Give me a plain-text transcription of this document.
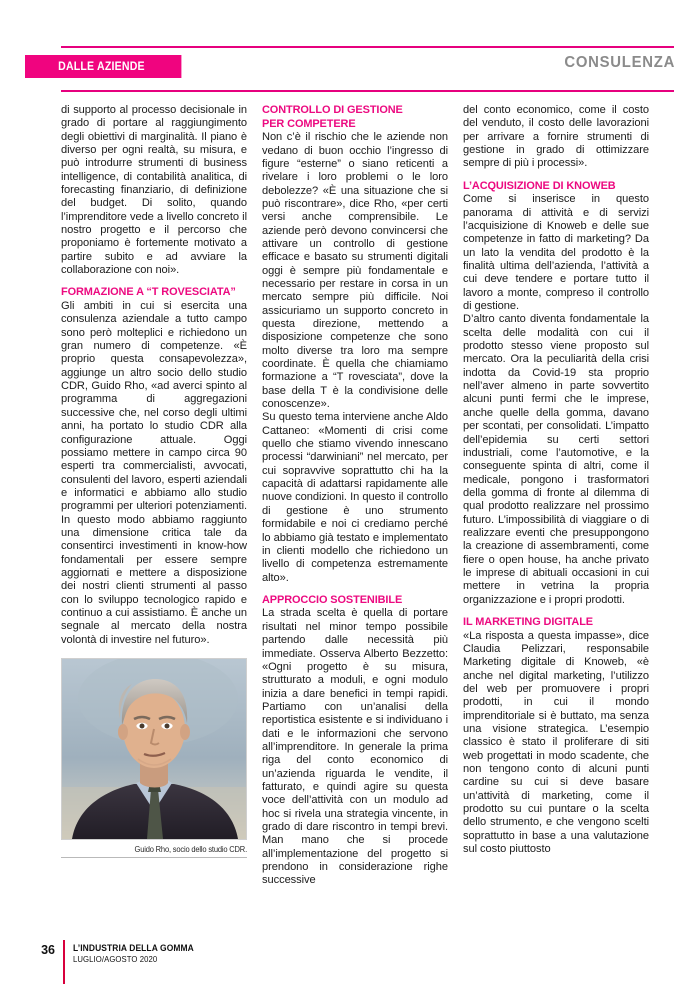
DALLE AZIENDE	CONSULENZA

di supporto al processo decisionale in grado di portare al raggiungimento degli obiettivi di marginalità. Il piano è diverso per ogni realtà, su misura, e può introdurre strumenti di business intelligence, di contabilità analitica, di forecasting finanziario, di definizione del budget. Di solito, quando l’imprenditore vede a livello concreto il nostro progetto e il percorso che proponiamo è fortemente motivato a partire subito e ad avviare la collaborazione con noi».

FORMAZIONE A “T ROVESCIATA”

Gli ambiti in cui si esercita una consulenza aziendale a tutto campo sono però molteplici e richiedono un gran numero di competenze. «È proprio questa consapevolezza», aggiunge un altro socio dello studio CDR, Guido Rho, «ad averci spinto al programma di aggregazioni successive che, nel corso degli ultimi anni, ha portato lo studio CDR alla configurazione attuale. Oggi possiamo mettere in campo circa 90 esperti tra commercialisti, avvocati, consulenti del lavoro, esperti aziendali e informatici e abbiamo allo studio programmi per ulteriori potenziamenti. In questo modo abbiamo raggiunto una dimensione critica tale da consentirci investimenti in know-how fondamentali per essere sempre aggiornati e mettere a disposizione dei nostri clienti strumenti al passo con lo sviluppo tecnologico rapido e continuo a cui assistiamo. È anche un segnale al mercato della nostra volontà di investire nel futuro».

Guido Rho, socio dello studio CDR.
CONTROLLO DI GESTIONE
PER COMPETERE

Non c’è il rischio che le aziende non vedano di buon occhio l’ingresso di figure “esterne” o siano reticenti a rivelare i loro problemi o le loro debolezze? «È una situazione che si può riscontrare», dice Rho, «per certi versi anche comprensibile. Le aziende però devono convincersi che attivare un controllo di gestione efficace e basato su strumenti digitali oggi è sempre più fondamentale e necessario per restare in corsa in un mercato sempre più difficile. Noi assicuriamo un supporto concreto in questa direzione, mettendo a disposizione competenze che sono molto diverse tra loro ma sempre coordinate. È quella che chiamiamo formazione a “T rovesciata”, dove la base della T è la condivisione delle conoscenze».

Su questo tema interviene anche Aldo Cattaneo: «Momenti di crisi come quello che stiamo vivendo innescano processi “darwiniani” nel mercato, per cui sopravvive soprattutto chi ha la capacità di adattarsi rapidamente alle nuove condizioni. In questo il controllo di gestione è uno strumento formidabile e noi ci crediamo perché lo abbiamo già testato e implementato in clienti modello che richiedono un livello di competenza estremamente alto».

APPROCCIO SOSTENIBILE

La strada scelta è quella di portare risultati nel minor tempo possibile partendo dalle necessità più immediate. Osserva Alberto Bezzetto: «Ogni progetto è su misura, strutturato a moduli, e ogni modulo inizia a dare benefici in tempi rapidi. Partiamo con un’analisi della reportistica esistente e si individuano i dati e le informazioni che servono all’imprenditore. In generale la prima riga del conto economico di un’azienda riguarda le vendite, il fatturato, e quindi agire su questa voce dell’attività con un modulo ad hoc si rivela una strategia vincente, in grado di dare riscontro in tempi brevi. Man mano che si procede all’implementazione del progetto si prendono in considerazione righe successive

del conto economico, come il costo del venduto, il costo delle lavorazioni per arrivare a fornire strumenti di gestione in grado di ottimizzare sempre di più i processi».

L’ACQUISIZIONE DI KNOWEB

Come si inserisce in questo panorama di attività e di servizi l’acquisizione di Knoweb e delle sue competenze in fatto di marketing? Da un lato la vendita del prodotto è la finalità ultima dell’azienda, l’attività a cui deve tendere e portare tutto il lavoro a monte, compreso il controllo di gestione.

D’altro canto diventa fondamentale la scelta delle modalità con cui il prodotto stesso viene proposto sul mercato. Ora la peculiarità della crisi indotta da Covid-19 sta proprio nell’aver almeno in parte sovvertito alcuni punti fermi che le imprese, anche quelle della gomma, davano per scontati, per consolidati. L’impatto dell’epidemia su certi settori industriali, come l’automotive, e la conseguente spinta di altri, come il medicale, pongono i trasformatori della gomma di fronte al dilemma di qual prodotto realizzare nel prossimo futuro. L’impossibilità di viaggiare o di realizzare eventi che presuppongono la creazione di assembramenti, come fiere o open house, ha anche privato le imprese di abituali occasioni in cui mettere in vetrina la propria organizzazione e i propri prodotti.

IL MARKETING DIGITALE

«La risposta a questa impasse», dice Claudia Pelizzari, responsabile Marketing digitale di Knoweb, «è anche nel digital marketing, l’utilizzo del web per promuovere i propri prodotti, in cui il mondo imprenditoriale si è buttato, ma senza una visione strategica. L’esempio classico è stato il proliferare di siti web progettati in modo scadente, che non tengono conto di alcuni punti cardine su cui si deve basare un’attività di marketing, come il prodotto su cui puntare o la scelta dello strumento, e che vengono scelti soprattutto in base a una valutazione sul costo piuttosto

36 L’INDUSTRIA DELLA GOMMA
LUGLIO/AGOSTO 2020
